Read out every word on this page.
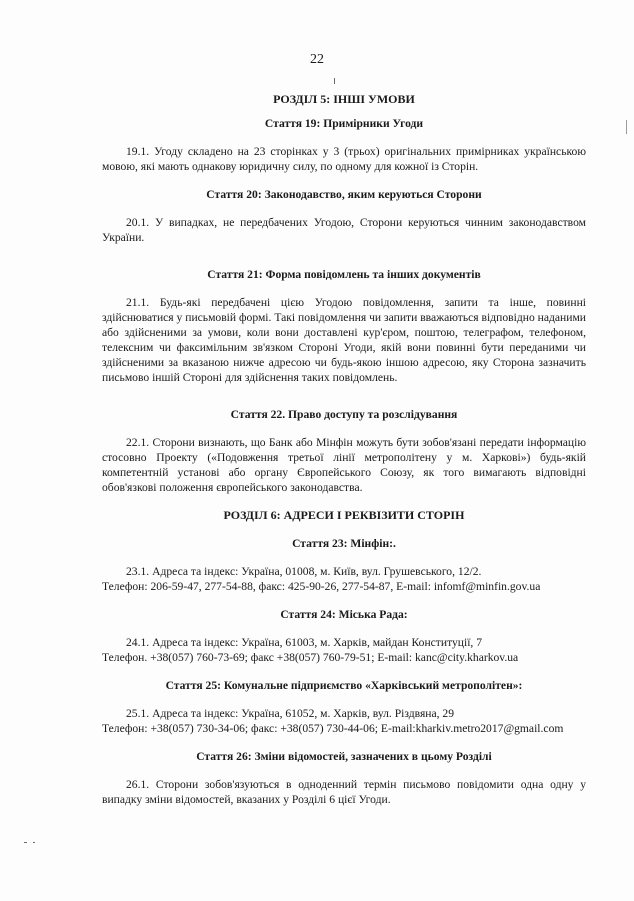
22
РОЗДІЛ 5: ІНШІ УМОВИ
Стаття 19: Примірники Угоди

19.1. Угоду складено на 23 сторінках у 3 (трьох) оригінальних примірниках українською мовою, які мають однакову юридичну силу, по одному для кожної із Сторін.

Стаття 20: Законодавство, яким керуються Сторони

20.1. У випадках, не передбачених Угодою, Сторони керуються чинним законодавством України.

Стаття 21: Форма повідомлень та інших документів

21.1. Будь-які передбачені цією Угодою повідомлення, запити та інше, повинні здійснюватися у письмовій формі. Такі повідомлення чи запити вважаються відповідно наданими або здійсненими за умови, коли вони доставлені кур'єром, поштою, телеграфом, телефоном, телексним чи факсимільним зв'язком Стороні Угоди, якій вони повинні бути переданими чи здійсненими за вказаною нижче адресою чи будь-якою іншою адресою, яку Сторона зазначить письмово іншій Стороні для здійснення таких повідомлень.

Стаття 22. Право доступу та розслідування

22.1. Сторони визнають, що Банк або Мінфін можуть бути зобов'язані передати інформацію стосовно Проекту («Подовження третьої лінії метрополітену у м. Харкові») будь-якій компетентній установі або органу Європейського Союзу, як того вимагають відповідні обов'язкові положення європейського законодавства.

РОЗДІЛ 6: АДРЕСИ І РЕКВІЗИТИ СТОРІН
Стаття 23: Мінфін:.

23.1. Адреса та індекс: Україна, 01008, м. Київ, вул. Грушевського, 12/2.

Телефон: 206-59-47, 277-54-88, факс: 425-90-26, 277-54-87, E-mail: infomf@minfin.gov.ua

Стаття 24: Міська Рада:

24.1. Адреса та індекс: Україна, 61003, м. Харків, майдан Конституції, 7

Телефон. +38(057) 760-73-69; факс +38(057) 760-79-51; E-mail: kanc@city.kharkov.ua

Стаття 25: Комунальне підприємство «Харківський метрополітен»:

25.1. Адреса та індекс: Україна, 61052, м. Харків, вул. Різдвяна, 29

Телефон: +38(057) 730-34-06; факс: +38(057) 730-44-06; E-mail:kharkiv.metro2017@gmail.com

Стаття 26: Зміни відомостей, зазначених в цьому Розділі

26.1. Сторони зобов'язуються в одноденний термін письмово повідомити одна одну у випадку зміни відомостей, вказаних у Розділі 6 цієї Угоди.
